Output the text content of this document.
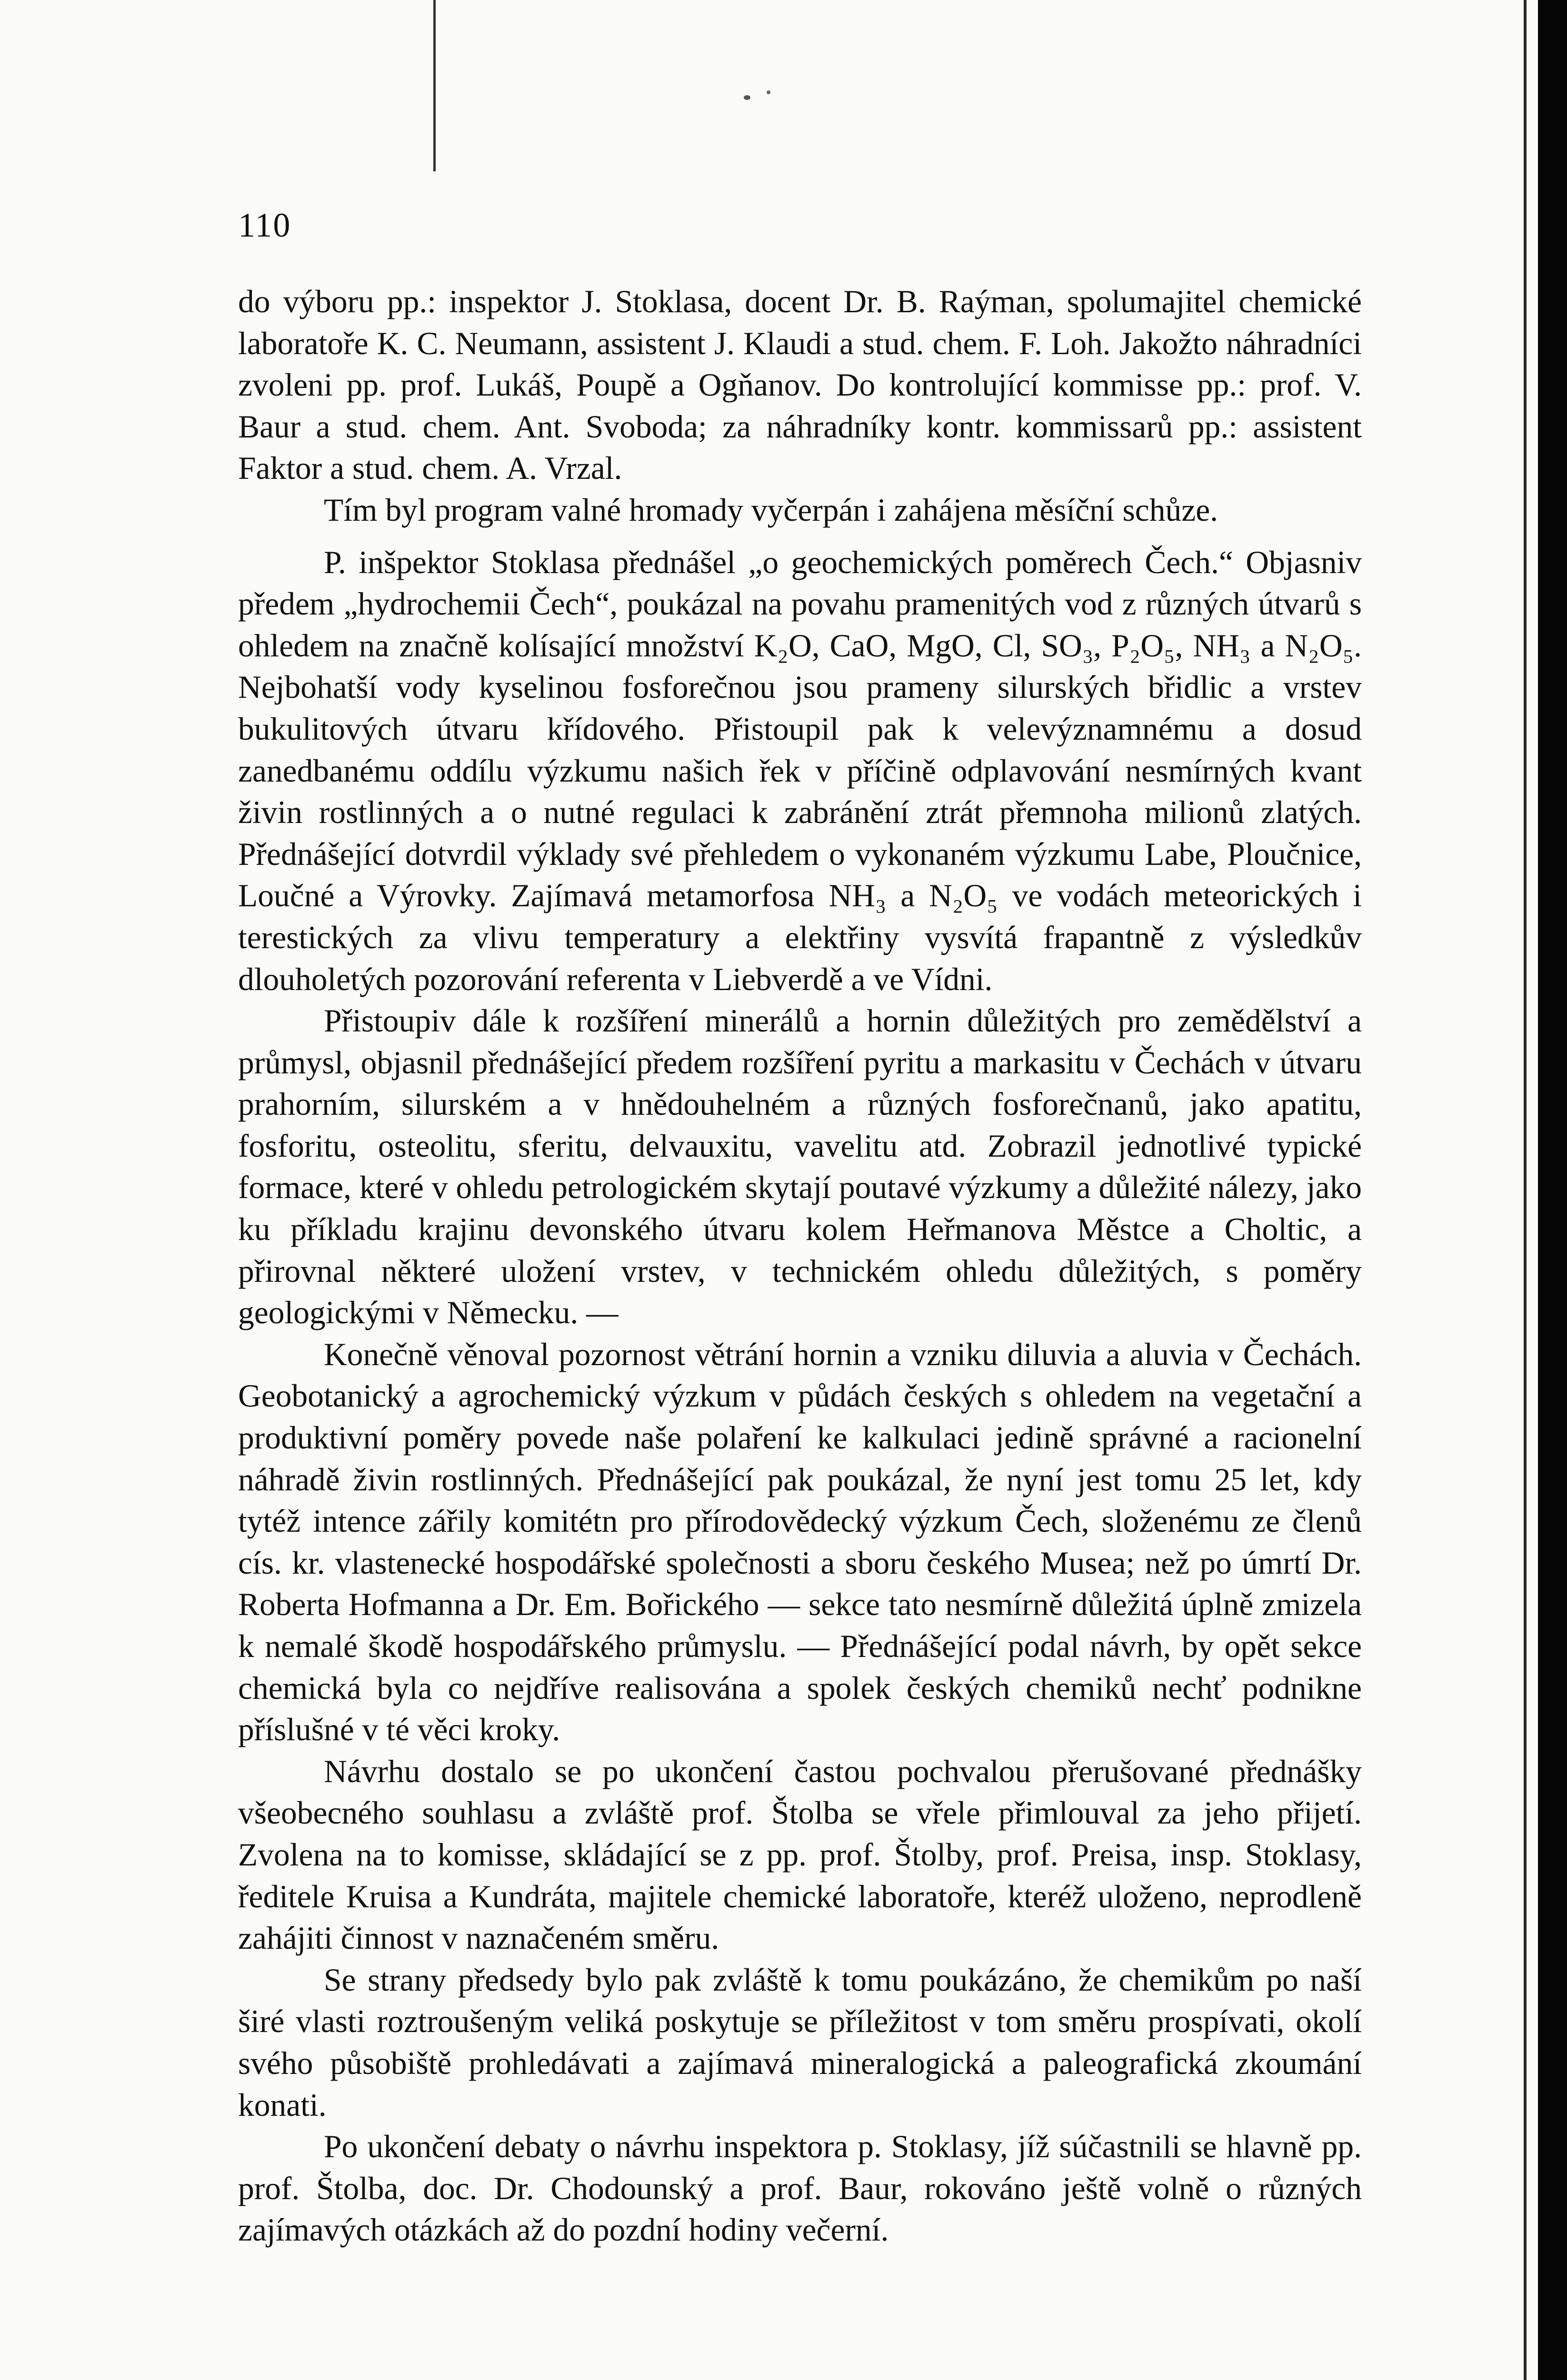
110

do výboru pp.: inspektor J. Stoklasa, docent Dr. B. Raýman, spolumajitel chemické laboratoře K. C. Neumann, assistent J. Klaudi a stud. chem. F. Loh. Jakožto náhradníci zvoleni pp. prof. Lukáš, Poupě a Ogňanov. Do kontrolující kommisse pp.: prof. V. Baur a stud. chem. Ant. Svoboda; za náhradníky kontr. kommissarů pp.: assistent Faktor a stud. chem. A. Vrzal.

Tím byl program valné hromady vyčerpán i zahájena měsíční schůze.

P. inšpektor Stoklasa přednášel „o geochemických poměrech Čech.“ Objasniv předem „hydrochemii Čech“, poukázal na povahu pramenitých vod z různých útvarů s ohledem na značně kolísající množství K₂O, CaO, MgO, Cl, SO₃, P₂O₅, NH₃ a N₂O₅. Nejbohatší vody kyselinou fosforečnou jsou prameny silurských břidlic a vrstev bukulitových útvaru křídového. Přistoupil pak k velevýznamnému a dosud zanedbanému oddílu výzkumu našich řek v příčině odplavování nesmírných kvant živin rostlinných a o nutné regulaci k zabránění ztrát přemnoha milionů zlatých. Přednášející dotvrdil výklady své přehledem o vykonaném výzkumu Labe, Ploučnice, Loučné a Výrovky. Zajímavá metamorfosa NH₃ a N₂O₅ ve vodách meteorických i terestických za vlivu temperatury a elektřiny vysvítá frapantně z výsledkův dlouholetých pozorování referenta v Liebverdě a ve Vídni.

Přistoupiv dále k rozšíření minerálů a hornin důležitých pro zemědělství a průmysl, objasnil přednášející předem rozšíření pyritu a markasitu v Čechách v útvaru prahorním, silurském a v hnědouhelném a různých fosforečnanů, jako apatitu, fosforitu, osteolitu, sferitu, delvauxitu, vavelitu atd. Zobrazil jednotlivé typické formace, které v ohledu petrologickém skytají poutavé výzkumy a důležité nálezy, jako ku příkladu krajinu devonského útvaru kolem Heřmanova Městce a Choltic, a přirovnal některé uložení vrstev, v technickém ohledu důležitých, s poměry geologickými v Německu. —

Konečně věnoval pozornost větrání hornin a vzniku diluvia a aluvia v Čechách. Geobotanický a agrochemický výzkum v půdách českých s ohledem na vegetační a produktivní poměry povede naše polaření ke kalkulaci jedině správné a racionelní náhradě živin rostlinných. Přednášející pak poukázal, že nyní jest tomu 25 let, kdy tytéž intence zářily komitétn pro přírodovědecký výzkum Čech, složenému ze členů cís. kr. vlastenecké hospodářské společnosti a sboru českého Musea; než po úmrtí Dr. Roberta Hofmanna a Dr. Em. Bořického — sekce tato nesmírně důležitá úplně zmizela k nemalé škodě hospodářského průmyslu. — Přednášející podal návrh, by opět sekce chemická byla co nejdříve realisována a spolek českých chemiků nechť podnikne příslušné v té věci kroky.

Návrhu dostalo se po ukončení častou pochvalou přerušované přednášky všeobecného souhlasu a zvláště prof. Štolba se vřele přimlouval za jeho přijetí. Zvolena na to komisse, skládající se z pp. prof. Štolby, prof. Preisa, insp. Stoklasy, ředitele Kruisa a Kundráta, majitele chemické laboratoře, kteréž uloženo, neprodleně zahájiti činnost v naznačeném směru.

Se strany předsedy bylo pak zvláště k tomu poukázáno, že chemikům po naší širé vlasti roztroušeným veliká poskytuje se příležitost v tom směru prospívati, okolí svého působiště prohledávati a zajímavá mineralogická a paleografická zkoumání konati.

Po ukončení debaty o návrhu inspektora p. Stoklasy, jíž súčastnili se hlavně pp. prof. Štolba, doc. Dr. Chodounský a prof. Baur, rokováno ještě volně o různých zajímavých otázkách až do pozdní hodiny večerní.
